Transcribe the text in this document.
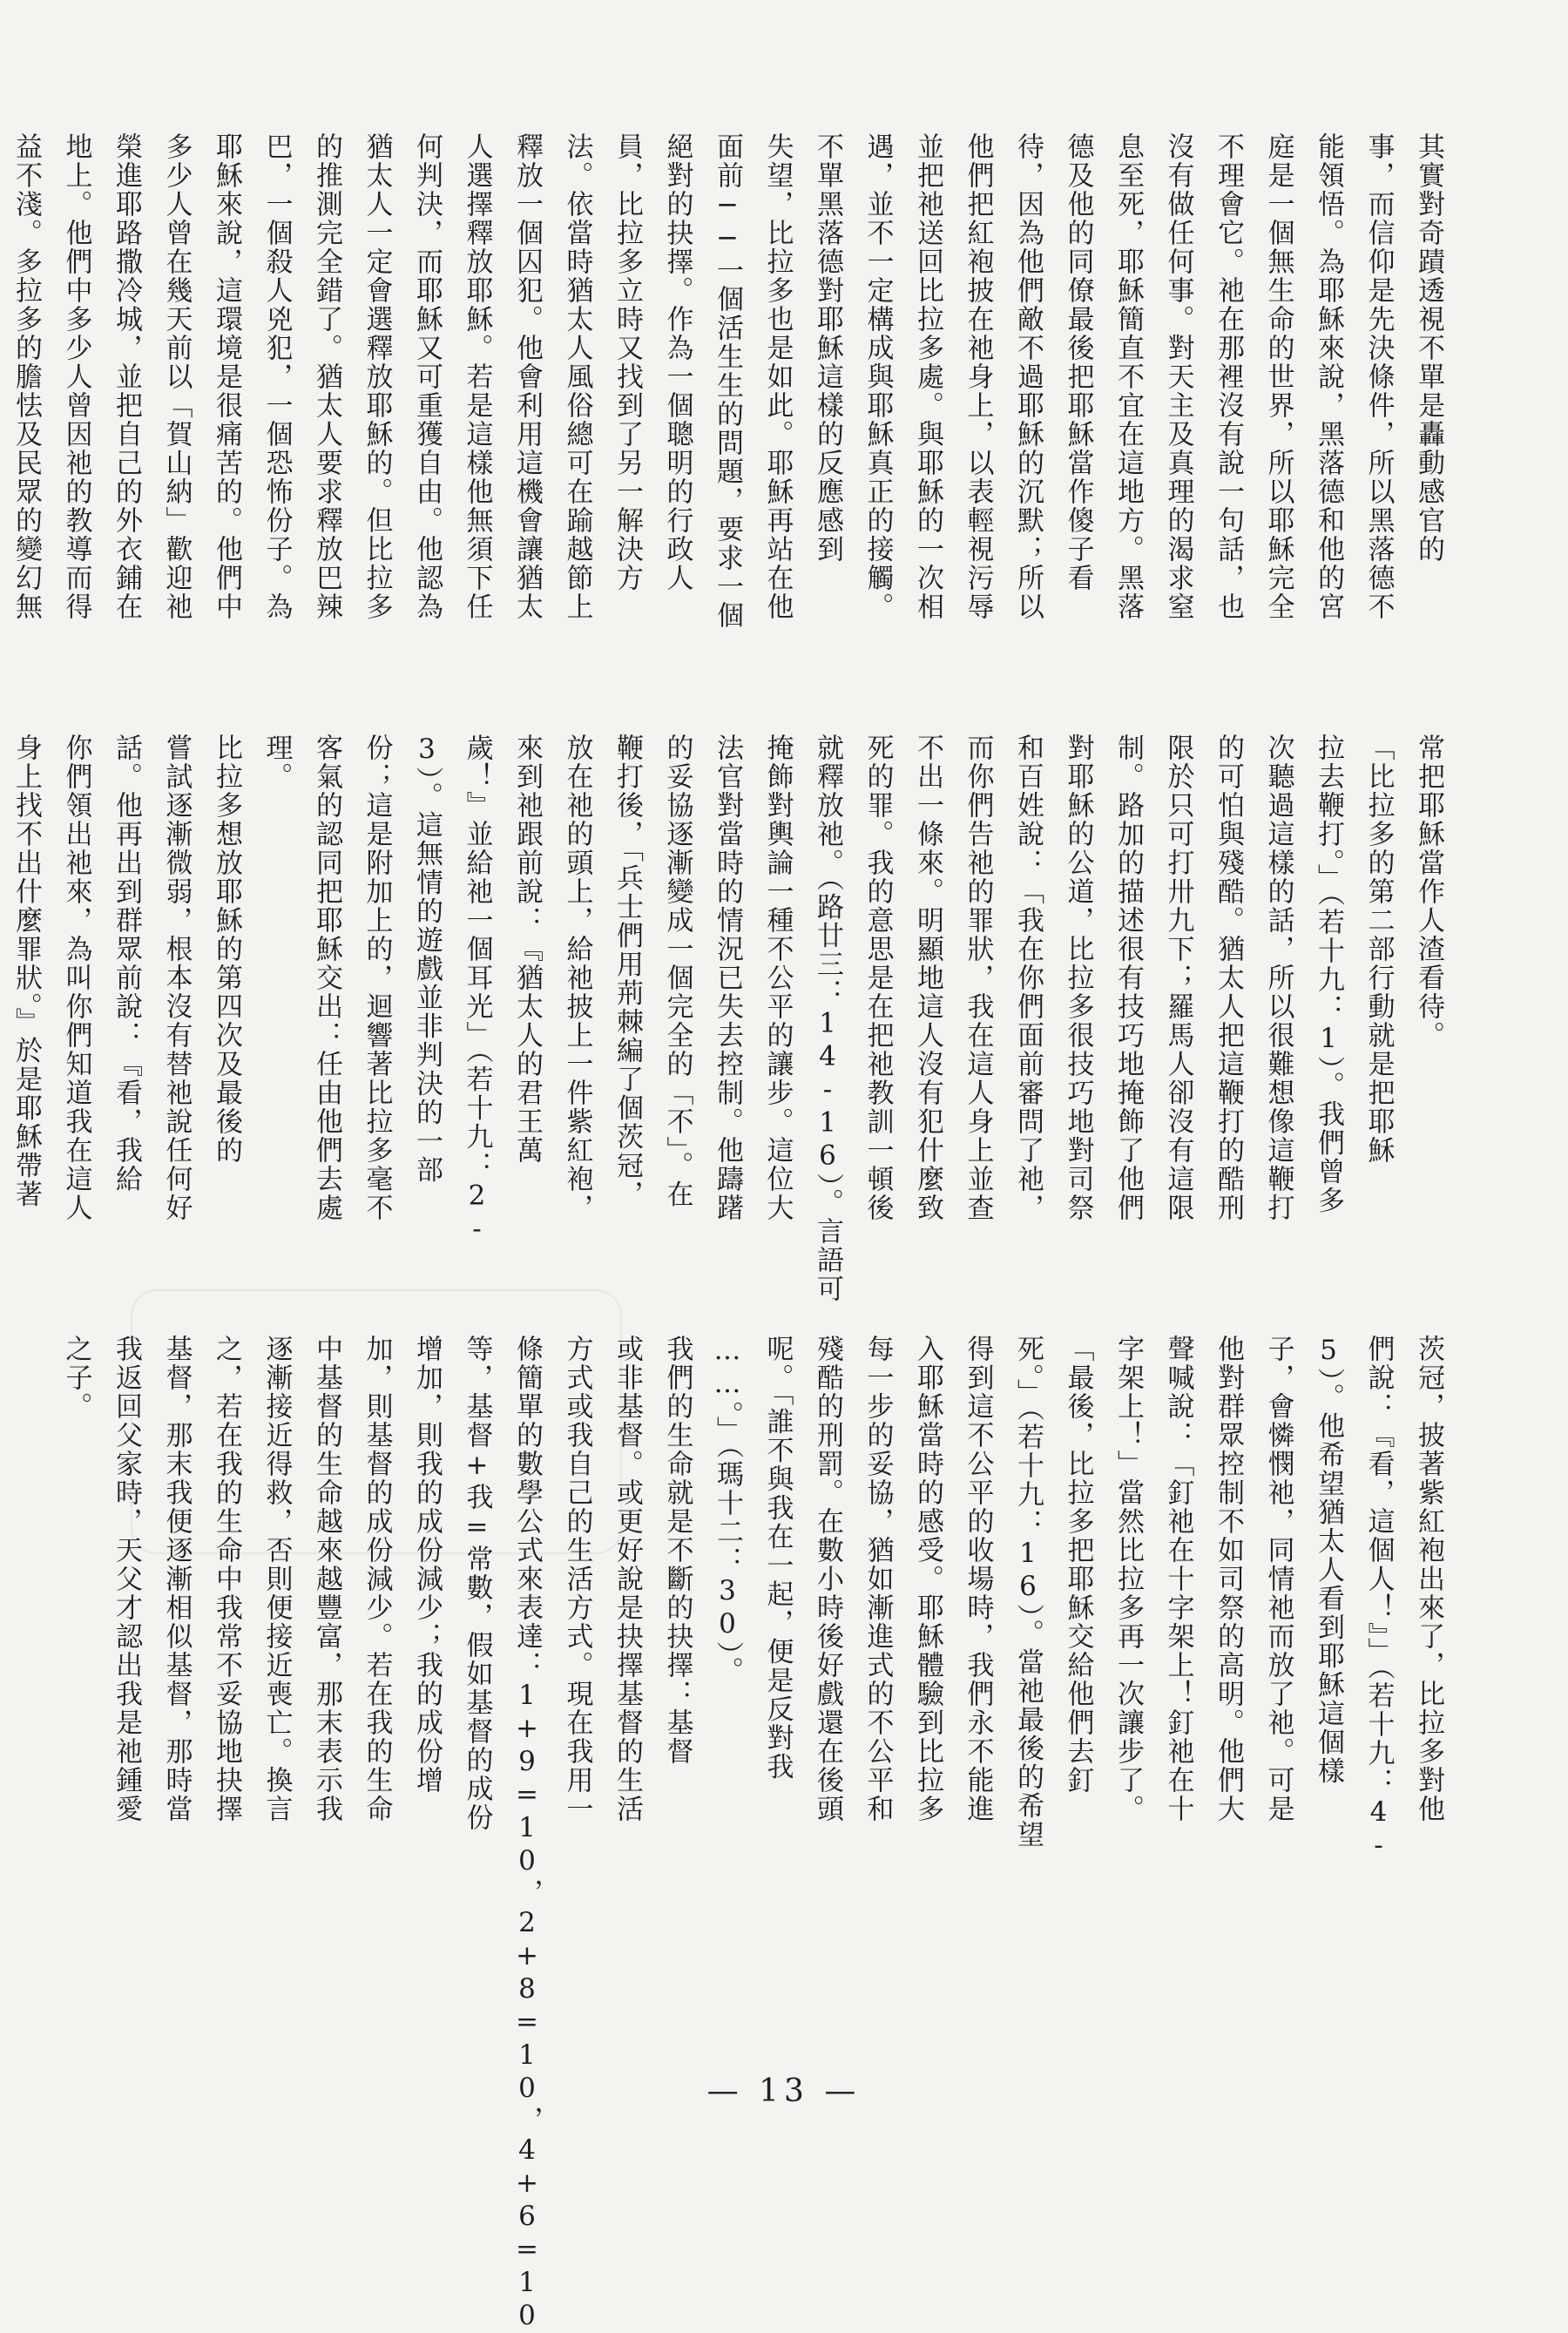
其實對奇蹟透視不單是轟動感官的
事，而信仰是先決條件，所以黑落德不
能領悟。為耶穌來說，黑落德和他的宮
庭是一個無生命的世界，所以耶穌完全
不理會它。祂在那裡沒有說一句話，也
沒有做任何事。對天主及真理的渴求窒
息至死，耶穌簡直不宜在這地方。黑落
德及他的同僚最後把耶穌當作傻子看
待，因為他們敵不過耶穌的沉默；所以
他們把紅袍披在祂身上，以表輕視污辱
並把祂送回比拉多處。與耶穌的一次相
遇，並不一定構成與耶穌真正的接觸。
不單黑落德對耶穌這樣的反應感到
失望，比拉多也是如此。耶穌再站在他
面前──一個活生生的問題，要求一個
絕對的抉擇。作為一個聰明的行政人
員，比拉多立時又找到了另一解決方
法。依當時猶太人風俗總可在踰越節上
釋放一個囚犯。他會利用這機會讓猶太
人選擇釋放耶穌。若是這樣他無須下任
何判決，而耶穌又可重獲自由。他認為
猶太人一定會選釋放耶穌的。但比拉多
的推測完全錯了。猶太人要求釋放巴辣
巴，一個殺人兇犯，一個恐怖份子。為
耶穌來說，這環境是很痛苦的。他們中
多少人曾在幾天前以「賀山納」歡迎祂
榮進耶路撒冷城，並把自己的外衣鋪在
地上。他們中多少人曾因祂的教導而得
益不淺。多拉多的膽怯及民眾的變幻無
常把耶穌當作人渣看待。
「比拉多的第二部行動就是把耶穌
拉去鞭打。」（若十九：1）。我們曾多
次聽過這樣的話，所以很難想像這鞭打
的可怕與殘酷。猶太人把這鞭打的酷刑
限於只可打卅九下；羅馬人卻沒有這限
制。路加的描述很有技巧地掩飾了他們
對耶穌的公道，比拉多很技巧地對司祭
和百姓說：「我在你們面前審問了祂，
而你們告祂的罪狀，我在這人身上並查
不出一條來。明顯地這人沒有犯什麼致
死的罪。我的意思是在把祂教訓一頓後
就釋放祂。（路廿三：14-16）。言語可
掩飾對輿論一種不公平的讓步。這位大
法官對當時的情況已失去控制。他躊躇
的妥協逐漸變成一個完全的「不」。在
鞭打後，「兵士們用荊棘編了個茨冠，
放在祂的頭上，給祂披上一件紫紅袍，
來到祂跟前說：『猶太人的君王萬
歲！』並給祂一個耳光」（若十九：2-
3）。這無情的遊戲並非判決的一部
份；這是附加上的，迴響著比拉多毫不
客氣的認同把耶穌交出：任由他們去處
理。
比拉多想放耶穌的第四次及最後的
嘗試逐漸微弱，根本沒有替祂說任何好
話。他再出到群眾前說：『看，我給
你們領出祂來，為叫你們知道我在這人
身上找不出什麼罪狀。』於是耶穌帶著
茨冠，披著紫紅袍出來了，比拉多對他
們說：『看，這個人！』」（若十九：4-
5）。他希望猶太人看到耶穌這個樣
子，會憐憫祂，同情祂而放了祂。可是
他對群眾控制不如司祭的高明。他們大
聲喊說：「釘祂在十字架上！釘祂在十
字架上！」當然比拉多再一次讓步了。
「最後，比拉多把耶穌交給他們去釘
死。」（若十九：16）。當祂最後的希望
得到這不公平的收場時，我們永不能進
入耶穌當時的感受。耶穌體驗到比拉多
每一步的妥協，猶如漸進式的不公平和
殘酷的刑罰。在數小時後好戲還在後頭
呢。「誰不與我在一起，便是反對我
……。」（瑪十二：30）。
我們的生命就是不斷的抉擇：基督
或非基督。或更好說是抉擇基督的生活
方式或我自己的生活方式。現在我用一
條簡單的數學公式來表達：1+9=10，2+8=10，4+6=10
等，基督+我=常數，假如基督的成份
增加，則我的成份減少；我的成份增
加，則基督的成份減少。若在我的生命
中基督的生命越來越豐富，那末表示我
逐漸接近得救，否則便接近喪亡。換言
之，若在我的生命中我常不妥協地抉擇
基督，那末我便逐漸相似基督，那時當
我返回父家時，天父才認出我是祂鍾愛
之子。
— 13 —
